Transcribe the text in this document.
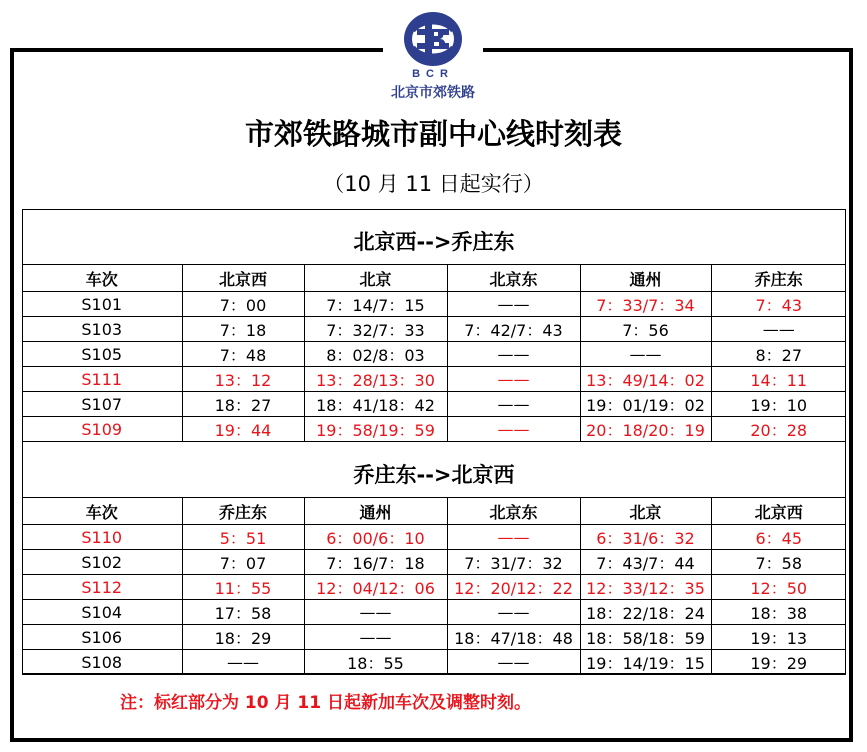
BCR
北京市郊铁路
市郊铁路城市副中心线时刻表
（10 月 11 日起实行）
北京西-->乔庄东
车次	北京西	北京	北京东	通州	乔庄东
S101	7：00	7：14/7：15	——	7：33/7：34	7：43
S103	7：18	7：32/7：33	7：42/7：43	7：56	——
S105	7：48	8：02/8：03	——	——	8：27
S111	13：12	13：28/13：30	——	13：49/14：02	14：11
S107	18：27	18：41/18：42	——	19：01/19：02	19：10
S109	19：44	19：58/19：59	——	20：18/20：19	20：28
乔庄东-->北京西
车次	乔庄东	通州	北京东	北京	北京西
S110	5：51	6：00/6：10	——	6：31/6：32	6：45
S102	7：07	7：16/7：18	7：31/7：32	7：43/7：44	7：58
S112	11：55	12：04/12：06	12：20/12：22	12：33/12：35	12：50
S104	17：58	——	——	18：22/18：24	18：38
S106	18：29	——	18：47/18：48	18：58/18：59	19：13
S108	——	18：55	——	19：14/19：15	19：29
注：标红部分为 10 月 11 日起新加车次及调整时刻。
